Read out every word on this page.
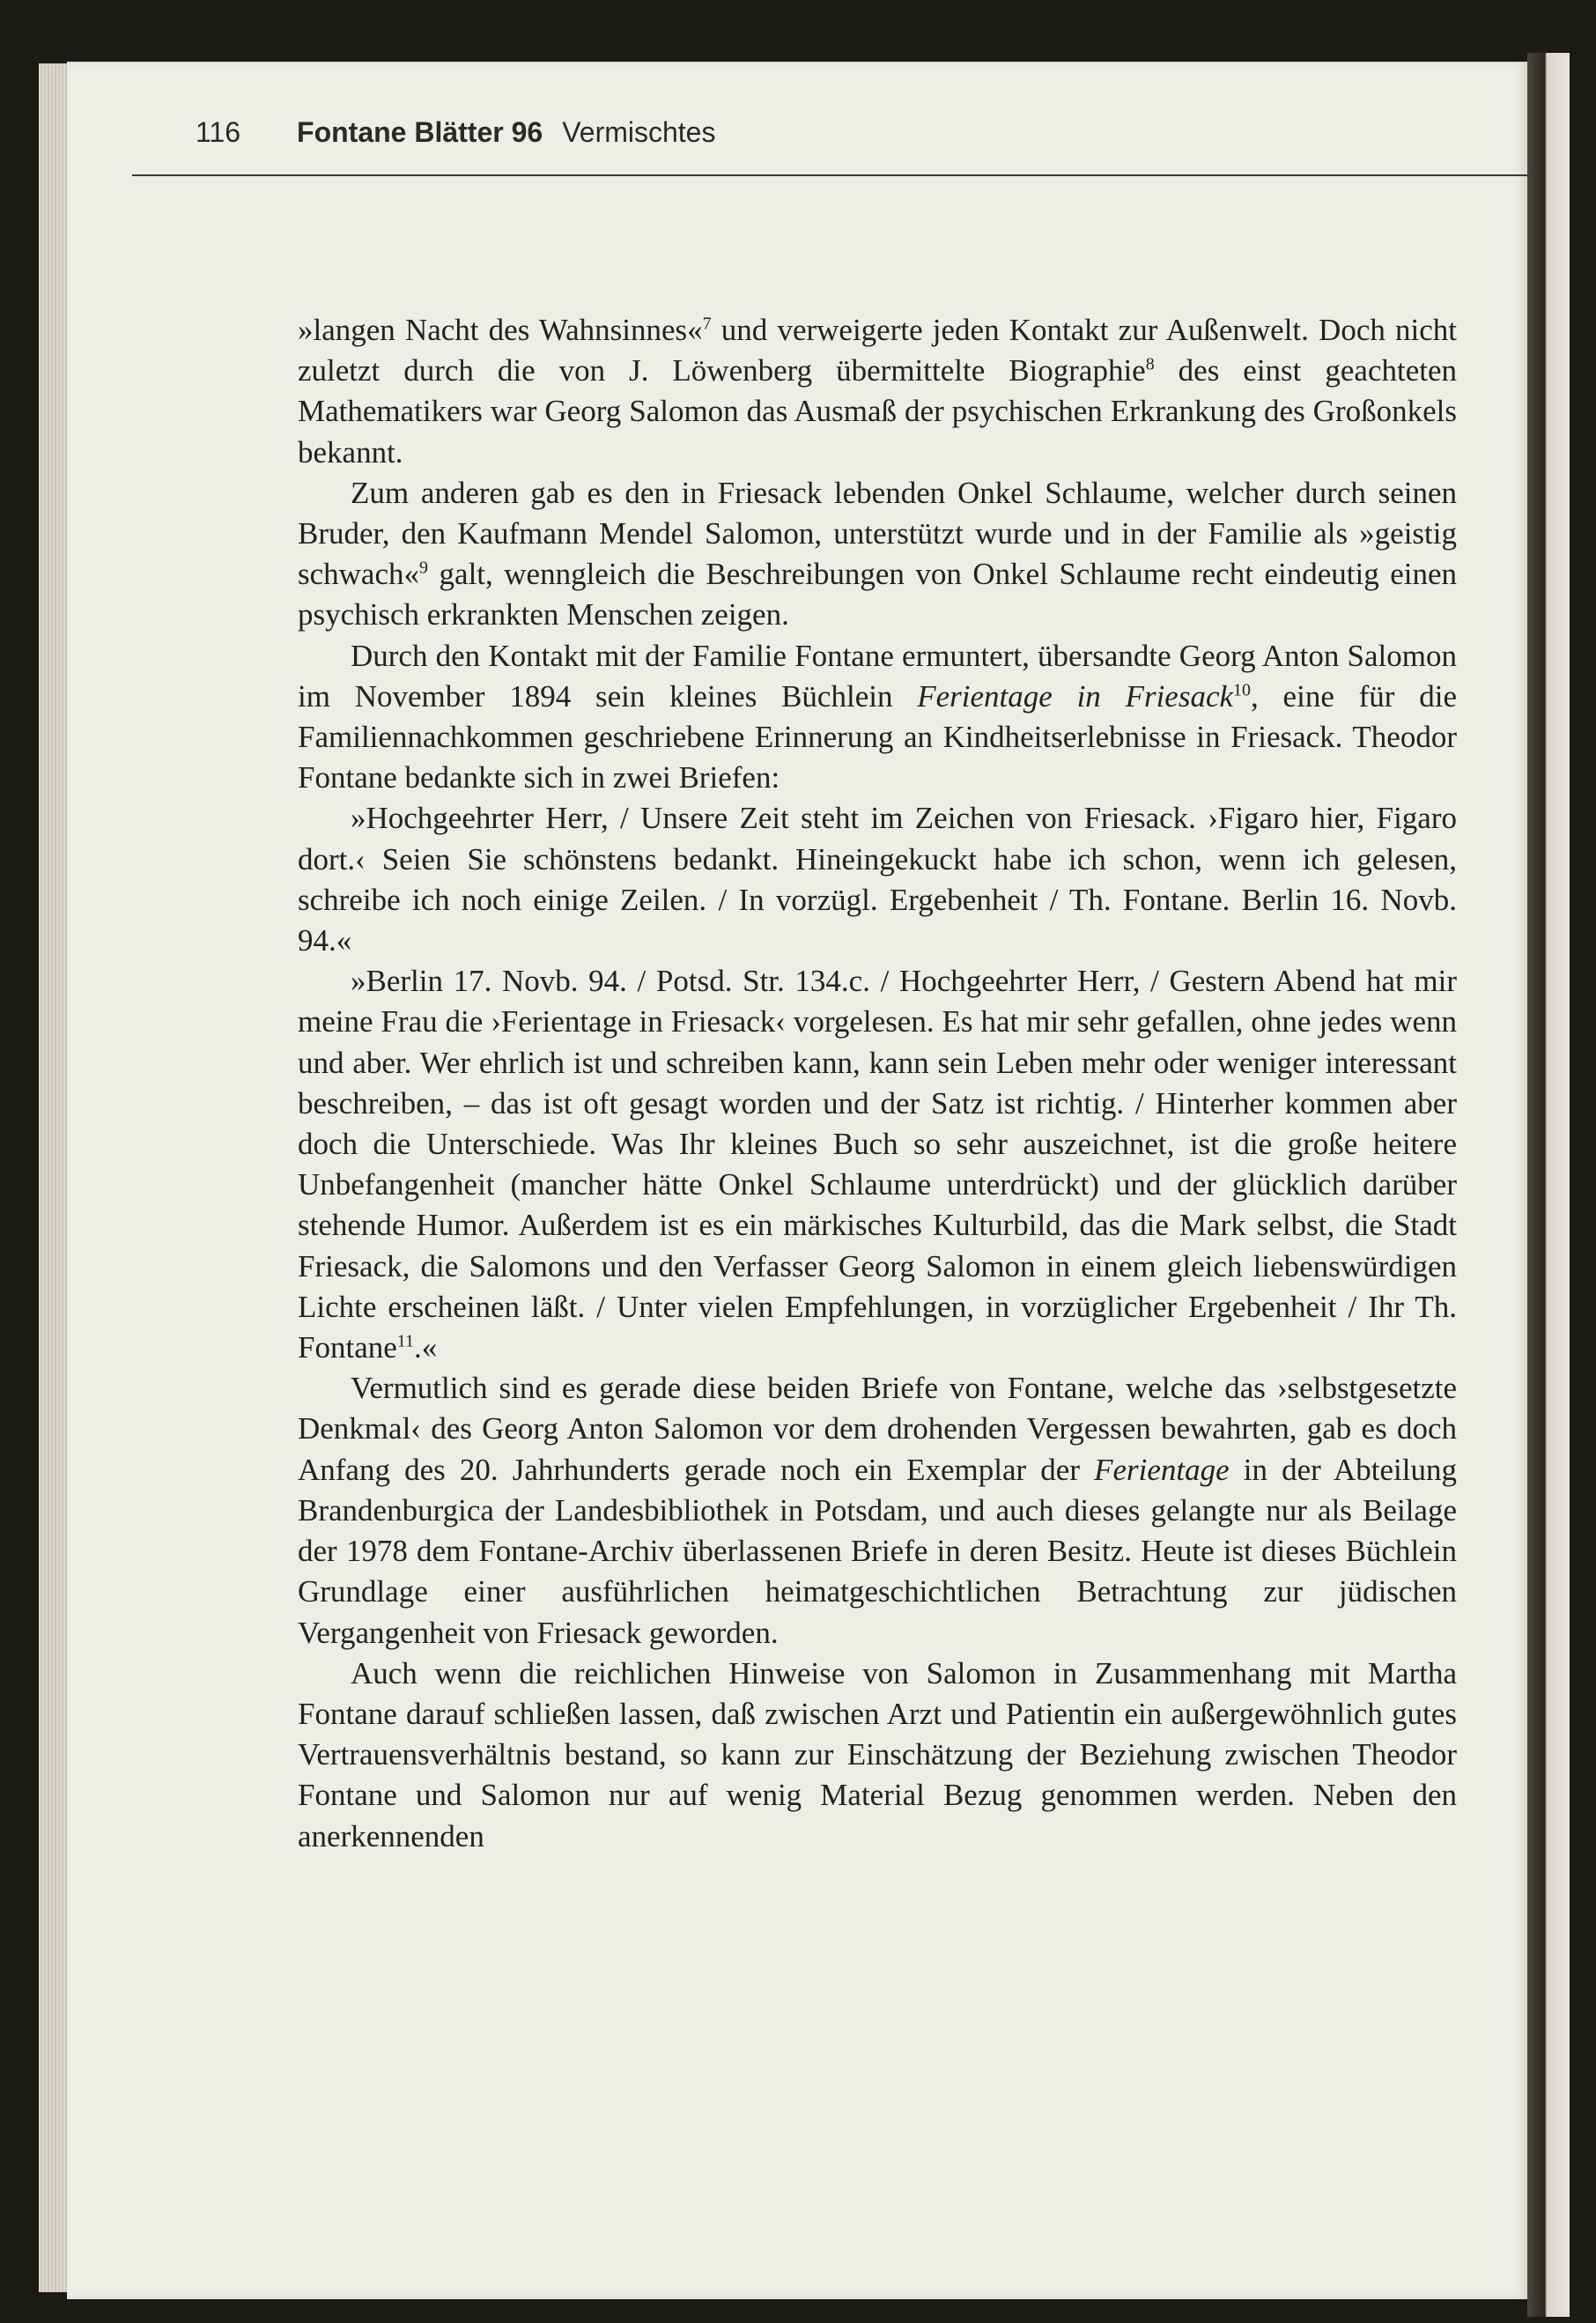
116 Fontane Blätter 96 Vermischtes

»langen Nacht des Wahnsinnes«$^7$ und verweigerte jeden Kontakt zur Außenwelt. Doch nicht zuletzt durch die von J. Löwenberg übermittelte Biographie$^8$ des einst geachteten Mathematikers war Georg Salomon das Ausmaß der psychischen Erkrankung des Großonkels bekannt.

Zum anderen gab es den in Friesack lebenden Onkel Schlaume, welcher durch seinen Bruder, den Kaufmann Mendel Salomon, unterstützt wurde und in der Familie als »geistig schwach«$^9$ galt, wenngleich die Beschreibungen von Onkel Schlaume recht eindeutig einen psychisch erkrankten Menschen zeigen.

Durch den Kontakt mit der Familie Fontane ermuntert, übersandte Georg Anton Salomon im November 1894 sein kleines Büchlein Ferientage in Friesack$^{10}$, eine für die Familiennachkommen geschriebene Erinnerung an Kindheitserlebnisse in Friesack. Theodor Fontane bedankte sich in zwei Briefen:

»Hochgeehrter Herr, / Unsere Zeit steht im Zeichen von Friesack. ›Figaro hier, Figaro dort.‹ Seien Sie schönstens bedankt. Hineingekuckt habe ich schon, wenn ich gelesen, schreibe ich noch einige Zeilen. / In vorzügl. Ergebenheit / Th. Fontane. Berlin 16. Novb. 94.«

»Berlin 17. Novb. 94. / Potsd. Str. 134.c. / Hochgeehrter Herr, / Gestern Abend hat mir meine Frau die ›Ferientage in Friesack‹ vorgelesen. Es hat mir sehr gefallen, ohne jedes wenn und aber. Wer ehrlich ist und schreiben kann, kann sein Leben mehr oder weniger interessant beschreiben, – das ist oft gesagt worden und der Satz ist richtig. / Hinterher kommen aber doch die Unterschiede. Was Ihr kleines Buch so sehr auszeichnet, ist die große heitere Unbefangenheit (mancher hätte Onkel Schlaume unterdrückt) und der glücklich darüber stehende Humor. Außerdem ist es ein märkisches Kulturbild, das die Mark selbst, die Stadt Friesack, die Salomons und den Verfasser Georg Salomon in einem gleich liebenswürdigen Lichte erscheinen läßt. / Unter vielen Empfehlungen, in vorzüglicher Ergebenheit / Ihr Th. Fontane$^{11}$.«

Vermutlich sind es gerade diese beiden Briefe von Fontane, welche das ›selbstgesetzte Denkmal‹ des Georg Anton Salomon vor dem drohenden Vergessen bewahrten, gab es doch Anfang des 20. Jahrhunderts gerade noch ein Exemplar der Ferientage in der Abteilung Brandenburgica der Landesbibliothek in Potsdam, und auch dieses gelangte nur als Beilage der 1978 dem Fontane-Archiv überlassenen Briefe in deren Besitz. Heute ist dieses Büchlein Grundlage einer ausführlichen heimatgeschichtlichen Betrachtung zur jüdischen Vergangenheit von Friesack geworden.

Auch wenn die reichlichen Hinweise von Salomon in Zusammenhang mit Martha Fontane darauf schließen lassen, daß zwischen Arzt und Patientin ein außergewöhnlich gutes Vertrauensverhältnis bestand, so kann zur Einschätzung der Beziehung zwischen Theodor Fontane und Salomon nur auf wenig Material Bezug genommen werden. Neben den anerkennenden
